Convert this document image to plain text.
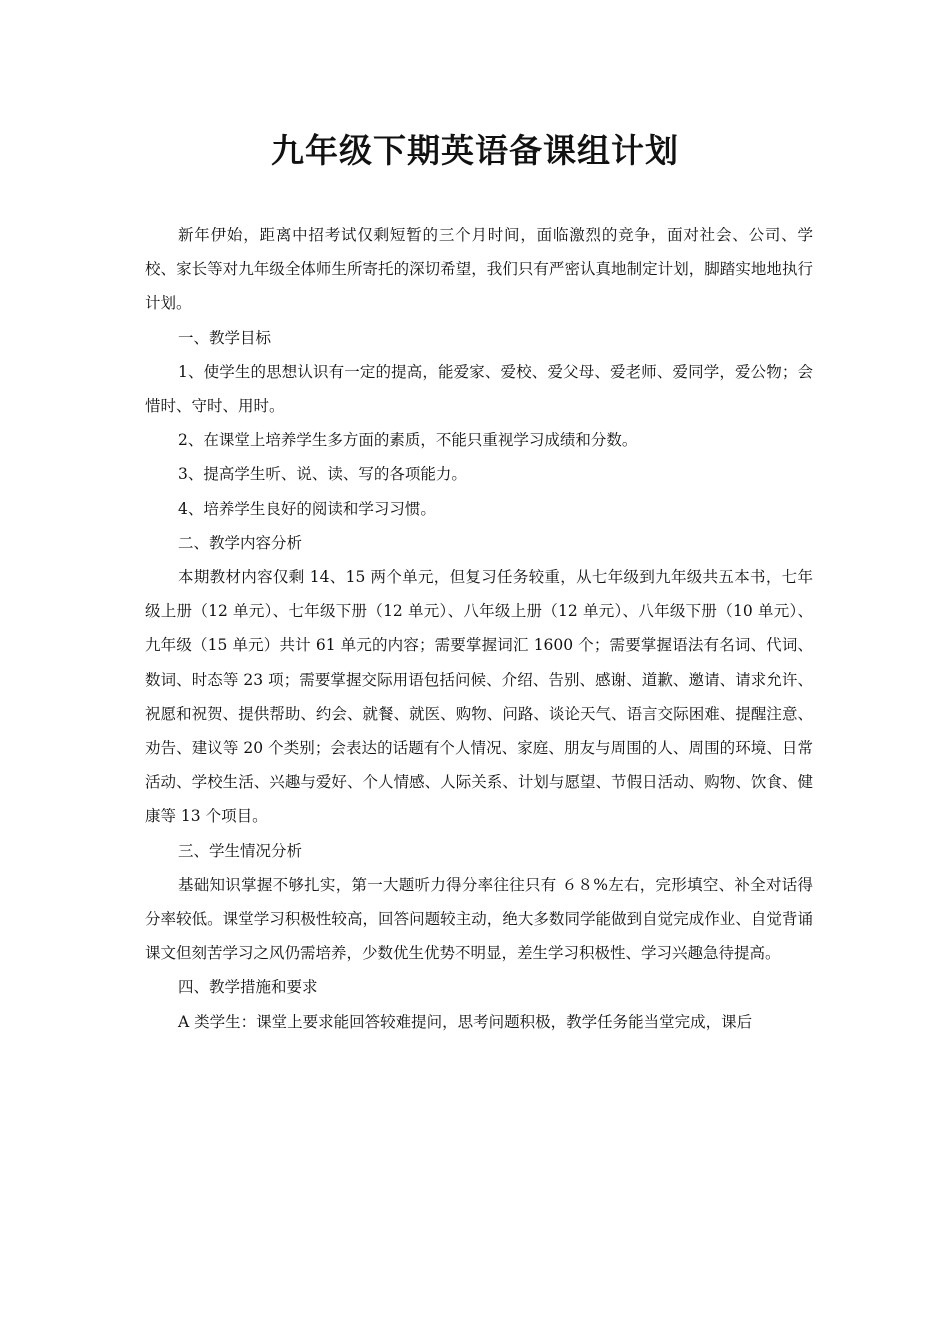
九年级下期英语备课组计划

新年伊始，距离中招考试仅剩短暂的三个月时间，面临激烈的竞争，面对社会、公司、学校、家长等对九年级全体师生所寄托的深切希望，我们只有严密认真地制定计划，脚踏实地地执行计划。

一、教学目标

1、使学生的思想认识有一定的提高，能爱家、爱校、爱父母、爱老师、爱同学，爱公物；会惜时、守时、用时。

2、在课堂上培养学生多方面的素质，不能只重视学习成绩和分数。

3、提高学生听、说、读、写的各项能力。

4、培养学生良好的阅读和学习习惯。

二、教学内容分析

本期教材内容仅剩 14、15 两个单元，但复习任务较重，从七年级到九年级共五本书，七年级上册（12 单元）、七年级下册（12 单元）、八年级上册（12 单元）、八年级下册（10 单元）、九年级（15 单元）共计 61 单元的内容；需要掌握词汇 1600 个；需要掌握语法有名词、代词、数词、时态等 23 项；需要掌握交际用语包括问候、介绍、告别、感谢、道歉、邀请、请求允许、祝愿和祝贺、提供帮助、约会、就餐、就医、购物、问路、谈论天气、语言交际困难、提醒注意、劝告、建议等 20 个类别；会表达的话题有个人情况、家庭、朋友与周围的人、周围的环境、日常活动、学校生活、兴趣与爱好、个人情感、人际关系、计划与愿望、节假日活动、购物、饮食、健康等 13 个项目。

三、学生情况分析

基础知识掌握不够扎实，第一大题听力得分率往往只有 ６８%左右，完形填空、补全对话得分率较低。课堂学习积极性较高，回答问题较主动，绝大多数同学能做到自觉完成作业、自觉背诵课文但刻苦学习之风仍需培养，少数优生优势不明显，差生学习积极性、学习兴趣急待提高。

四、教学措施和要求

A 类学生：课堂上要求能回答较难提问，思考问题积极，教学任务能当堂完成，课后
